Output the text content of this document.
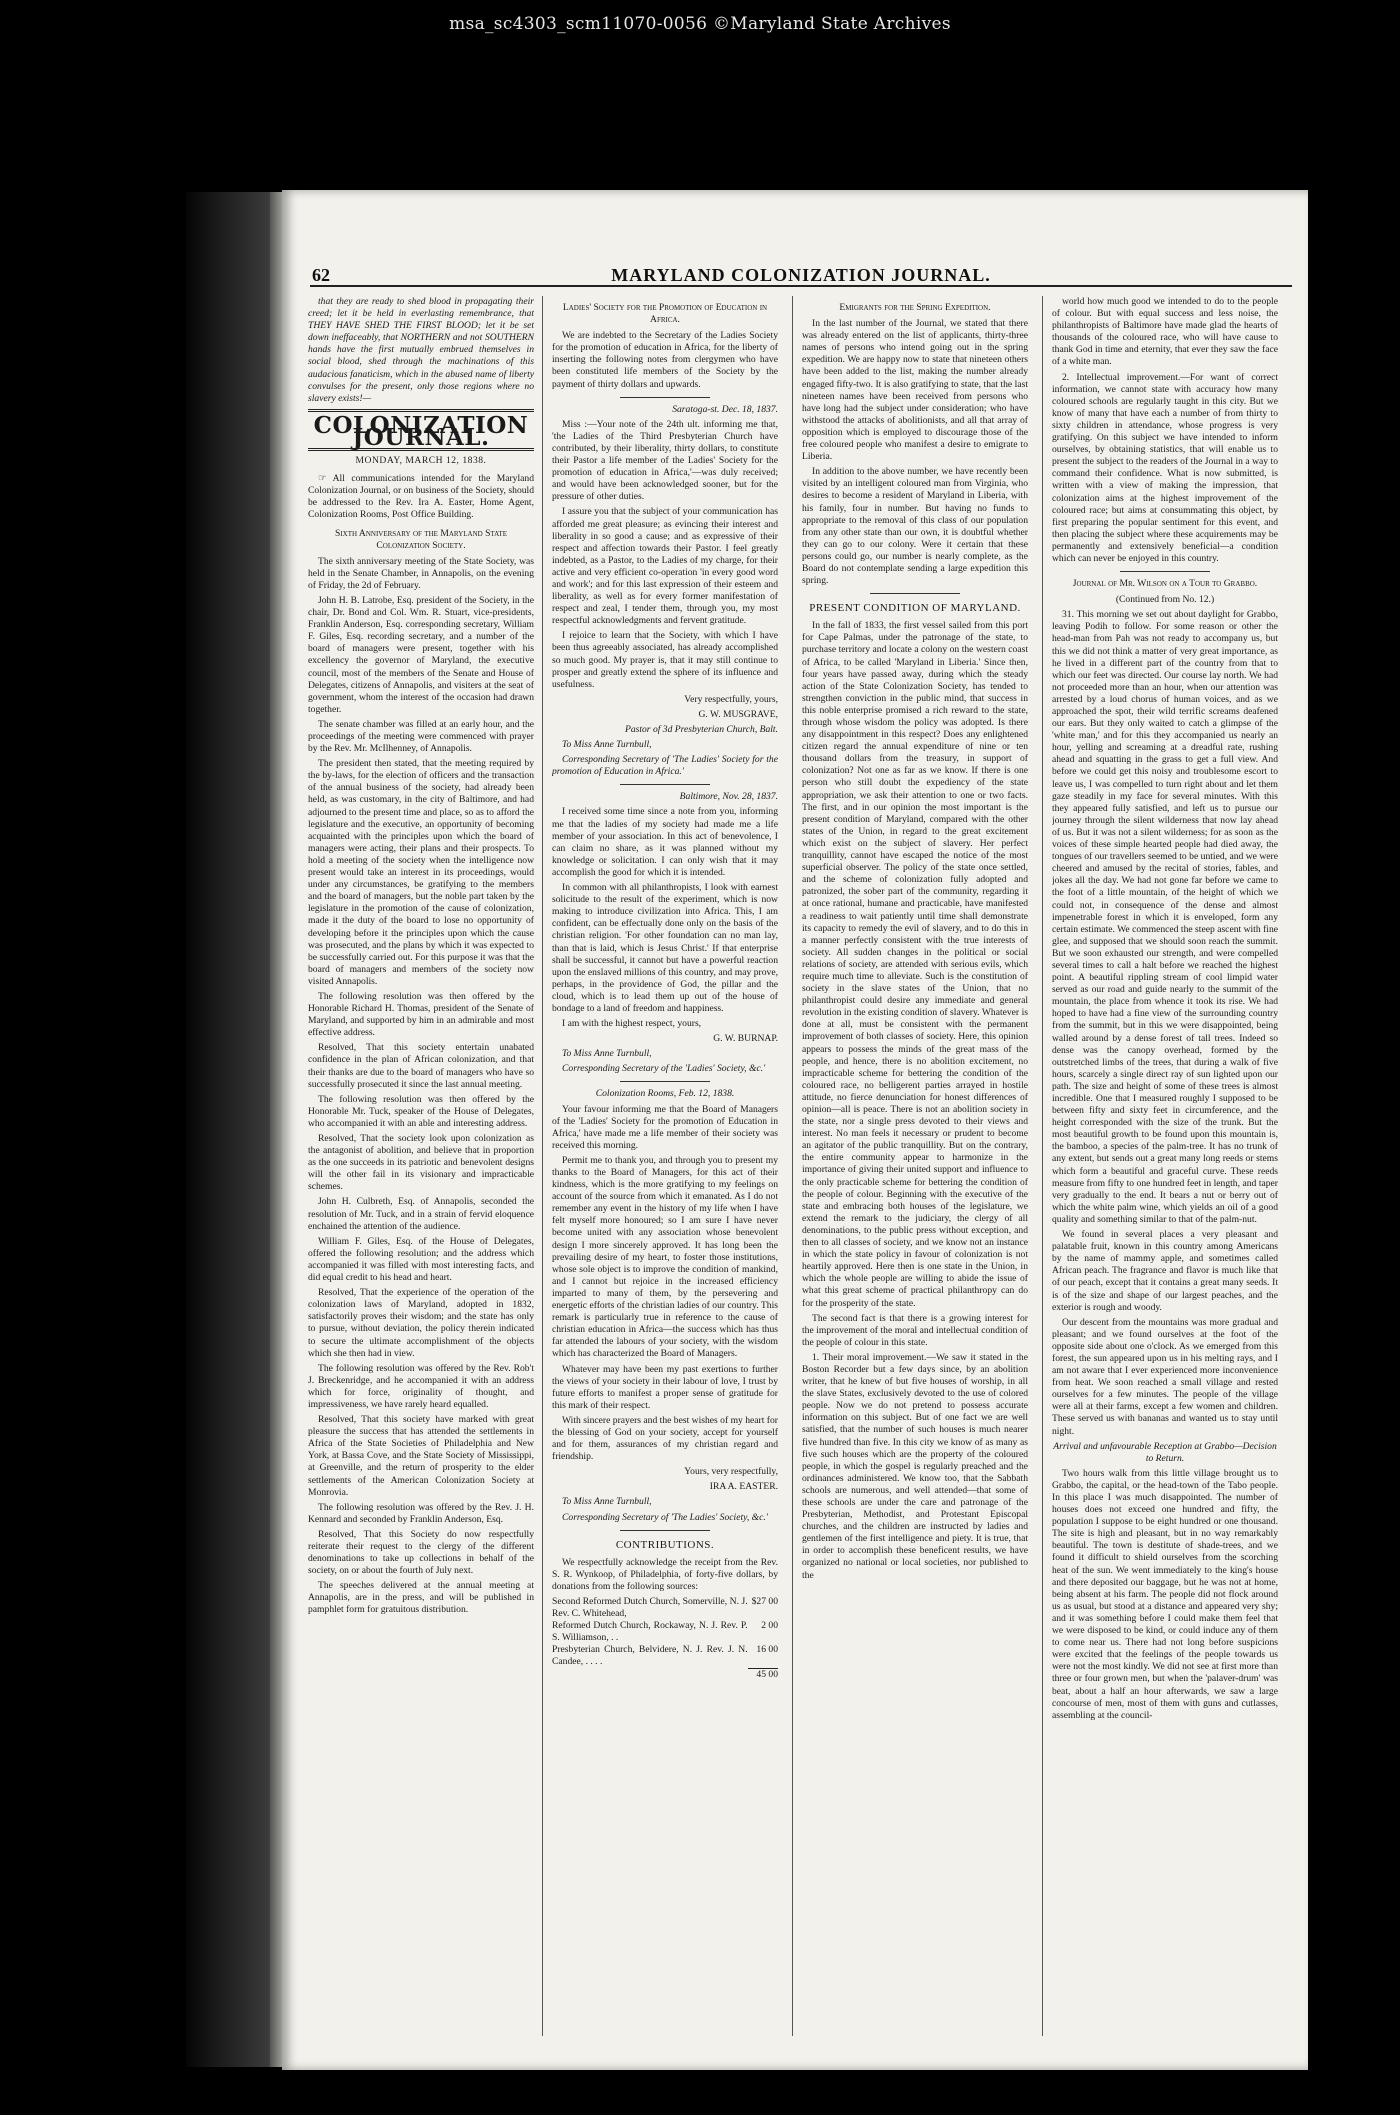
msa_sc4303_scm11070-0056 ©Maryland State Archives
62	MARYLAND COLONIZATION JOURNAL.

that they are ready to shed blood in propagating their creed; let it be held in everlasting remembrance, that THEY HAVE SHED THE FIRST BLOOD; let it be set down ineffaceably, that NORTHERN and not SOUTHERN hands have the first mutually embrued themselves in social blood, shed through the machinations of this audacious fanaticism, which in the abused name of liberty convulses for the present, only those regions where no slavery exists!—

COLONIZATION JOURNAL.
MONDAY, MARCH 12, 1838.

☞ All communications intended for the Maryland Colonization Journal, or on business of the Society, should be addressed to the Rev. Ira A. Easter, Home Agent, Colonization Rooms, Post Office Building.

Sixth Anniversary of the Maryland State Colonization Society.

The sixth anniversary meeting of the State Society, was held in the Senate Chamber, in Annapolis, on the evening of Friday, the 2d of February.

John H. B. Latrobe, Esq. president of the Society, in the chair, Dr. Bond and Col. Wm. R. Stuart, vice-presidents, Franklin Anderson, Esq. corresponding secretary, William F. Giles, Esq. recording secretary, and a number of the board of managers were present, together with his excellency the governor of Maryland, the executive council, most of the members of the Senate and House of Delegates, citizens of Annapolis, and visiters at the seat of government, whom the interest of the occasion had drawn together.

The senate chamber was filled at an early hour, and the proceedings of the meeting were commenced with prayer by the Rev. Mr. McIlhenney, of Annapolis.

The president then stated, that the meeting required by the by-laws, for the election of officers and the transaction of the annual business of the society, had already been held, as was customary, in the city of Baltimore, and had adjourned to the present time and place, so as to afford the legislature and the executive, an opportunity of becoming acquainted with the principles upon which the board of managers were acting, their plans and their prospects. To hold a meeting of the society when the intelligence now present would take an interest in its proceedings, would under any circumstances, be gratifying to the members and the board of managers, but the noble part taken by the legislature in the promotion of the cause of colonization, made it the duty of the board to lose no opportunity of developing before it the principles upon which the cause was prosecuted, and the plans by which it was expected to be successfully carried out. For this purpose it was that the board of managers and members of the society now visited Annapolis.

The following resolution was then offered by the Honorable Richard H. Thomas, president of the Senate of Maryland, and supported by him in an admirable and most effective address.

Resolved, That this society entertain unabated confidence in the plan of African colonization, and that their thanks are due to the board of managers who have so successfully prosecuted it since the last annual meeting.

The following resolution was then offered by the Honorable Mr. Tuck, speaker of the House of Delegates, who accompanied it with an able and interesting address.

Resolved, That the society look upon colonization as the antagonist of abolition, and believe that in proportion as the one succeeds in its patriotic and benevolent designs will the other fail in its visionary and impracticable schemes.

John H. Culbreth, Esq. of Annapolis, seconded the resolution of Mr. Tuck, and in a strain of fervid eloquence enchained the attention of the audience.

William F. Giles, Esq. of the House of Delegates, offered the following resolution; and the address which accompanied it was filled with most interesting facts, and did equal credit to his head and heart.

Resolved, That the experience of the operation of the colonization laws of Maryland, adopted in 1832, satisfactorily proves their wisdom; and the state has only to pursue, without deviation, the policy therein indicated to secure the ultimate accomplishment of the objects which she then had in view.

The following resolution was offered by the Rev. Rob't J. Breckenridge, and he accompanied it with an address which for force, originality of thought, and impressiveness, we have rarely heard equalled.

Resolved, That this society have marked with great pleasure the success that has attended the settlements in Africa of the State Societies of Philadelphia and New York, at Bassa Cove, and the State Society of Mississippi, at Greenville, and the return of prosperity to the elder settlements of the American Colonization Society at Monrovia.

The following resolution was offered by the Rev. J. H. Kennard and seconded by Franklin Anderson, Esq.

Resolved, That this Society do now respectfully reiterate their request to the clergy of the different denominations to take up collections in behalf of the society, on or about the fourth of July next.

The speeches delivered at the annual meeting at Annapolis, are in the press, and will be published in pamphlet form for gratuitous distribution.

Ladies' Society for the Promotion of Education in Africa.

We are indebted to the Secretary of the Ladies Society for the promotion of education in Africa, for the liberty of inserting the following notes from clergymen who have been constituted life members of the Society by the payment of thirty dollars and upwards.

Saratoga-st. Dec. 18, 1837.

Miss :—Your note of the 24th ult. informing me that, 'the Ladies of the Third Presbyterian Church have contributed, by their liberality, thirty dollars, to constitute their Pastor a life member of the Ladies' Society for the promotion of education in Africa,'—was duly received; and would have been acknowledged sooner, but for the pressure of other duties.

I assure you that the subject of your communication has afforded me great pleasure; as evincing their interest and liberality in so good a cause; and as expressive of their respect and affection towards their Pastor. I feel greatly indebted, as a Pastor, to the Ladies of my charge, for their active and very efficient co-operation 'in every good word and work'; and for this last expression of their esteem and liberality, as well as for every former manifestation of respect and zeal, I tender them, through you, my most respectful acknowledgments and fervent gratitude.

I rejoice to learn that the Society, with which I have been thus agreeably associated, has already accomplished so much good. My prayer is, that it may still continue to prosper and greatly extend the sphere of its influence and usefulness.

Very respectfully, yours,

G. W. MUSGRAVE,

Pastor of 3d Presbyterian Church, Balt.

To Miss Anne Turnbull,

Corresponding Secretary of 'The Ladies' Society for the promotion of Education in Africa.'

Baltimore, Nov. 28, 1837.

I received some time since a note from you, informing me that the ladies of my society had made me a life member of your association. In this act of benevolence, I can claim no share, as it was planned without my knowledge or solicitation. I can only wish that it may accomplish the good for which it is intended.

In common with all philanthropists, I look with earnest solicitude to the result of the experiment, which is now making to introduce civilization into Africa. This, I am confident, can be effectually done only on the basis of the christian religion. 'For other foundation can no man lay, than that is laid, which is Jesus Christ.' If that enterprise shall be successful, it cannot but have a powerful reaction upon the enslaved millions of this country, and may prove, perhaps, in the providence of God, the pillar and the cloud, which is to lead them up out of the house of bondage to a land of freedom and happiness.

I am with the highest respect, yours,

G. W. BURNAP.

To Miss Anne Turnbull,

Corresponding Secretary of the 'Ladies' Society, &c.'

Colonization Rooms, Feb. 12, 1838.

Your favour informing me that the Board of Managers of the 'Ladies' Society for the promotion of Education in Africa,' have made me a life member of their society was received this morning.

Permit me to thank you, and through you to present my thanks to the Board of Managers, for this act of their kindness, which is the more gratifying to my feelings on account of the source from which it emanated. As I do not remember any event in the history of my life when I have felt myself more honoured; so I am sure I have never become united with any association whose benevolent design I more sincerely approved. It has long been the prevailing desire of my heart, to foster those institutions, whose sole object is to improve the condition of mankind, and I cannot but rejoice in the increased efficiency imparted to many of them, by the persevering and energetic efforts of the christian ladies of our country. This remark is particularly true in reference to the cause of christian education in Africa—the success which has thus far attended the labours of your society, with the wisdom which has characterized the Board of Managers.

Whatever may have been my past exertions to further the views of your society in their labour of love, I trust by future efforts to manifest a proper sense of gratitude for this mark of their respect.

With sincere prayers and the best wishes of my heart for the blessing of God on your society, accept for yourself and for them, assurances of my christian regard and friendship.

Yours, very respectfully,

IRA A. EASTER.

To Miss Anne Turnbull,

Corresponding Secretary of 'The Ladies' Society, &c.'

CONTRIBUTIONS.

We respectfully acknowledge the receipt from the Rev. S. R. Wynkoop, of Philadelphia, of forty-five dollars, by donations from the following sources:

Second Reformed Dutch Church, Somerville, N. J. Rev. C. Whitehead,	$27 00
Reformed Dutch Church, Rockaway, N. J. Rev. P. S. Williamson, . .	2 00
Presbyterian Church, Belvidere, N. J. Rev. J. N. Candee, . . . .	16 00
	45 00
Emigrants for the Spring Expedition.

In the last number of the Journal, we stated that there was already entered on the list of applicants, thirty-three names of persons who intend going out in the spring expedition. We are happy now to state that nineteen others have been added to the list, making the number already engaged fifty-two. It is also gratifying to state, that the last nineteen names have been received from persons who have long had the subject under consideration; who have withstood the attacks of abolitionists, and all that array of opposition which is employed to discourage those of the free coloured people who manifest a desire to emigrate to Liberia.

In addition to the above number, we have recently been visited by an intelligent coloured man from Virginia, who desires to become a resident of Maryland in Liberia, with his family, four in number. But having no funds to appropriate to the removal of this class of our population from any other state than our own, it is doubtful whether they can go to our colony. Were it certain that these persons could go, our number is nearly complete, as the Board do not contemplate sending a large expedition this spring.

PRESENT CONDITION OF MARYLAND.

In the fall of 1833, the first vessel sailed from this port for Cape Palmas, under the patronage of the state, to purchase territory and locate a colony on the western coast of Africa, to be called 'Maryland in Liberia.' Since then, four years have passed away, during which the steady action of the State Colonization Society, has tended to strengthen conviction in the public mind, that success in this noble enterprise promised a rich reward to the state, through whose wisdom the policy was adopted. Is there any disappointment in this respect? Does any enlightened citizen regard the annual expenditure of nine or ten thousand dollars from the treasury, in support of colonization? Not one as far as we know. If there is one person who still doubt the expediency of the state appropriation, we ask their attention to one or two facts. The first, and in our opinion the most important is the present condition of Maryland, compared with the other states of the Union, in regard to the great excitement which exist on the subject of slavery. Her perfect tranquillity, cannot have escaped the notice of the most superficial observer. The policy of the state once settled, and the scheme of colonization fully adopted and patronized, the sober part of the community, regarding it at once rational, humane and practicable, have manifested a readiness to wait patiently until time shall demonstrate its capacity to remedy the evil of slavery, and to do this in a manner perfectly consistent with the true interests of society. All sudden changes in the political or social relations of society, are attended with serious evils, which require much time to alleviate. Such is the constitution of society in the slave states of the Union, that no philanthropist could desire any immediate and general revolution in the existing condition of slavery. Whatever is done at all, must be consistent with the permanent improvement of both classes of society. Here, this opinion appears to possess the minds of the great mass of the people, and hence, there is no abolition excitement, no impracticable scheme for bettering the condition of the coloured race, no belligerent parties arrayed in hostile attitude, no fierce denunciation for honest differences of opinion—all is peace. There is not an abolition society in the state, nor a single press devoted to their views and interest. No man feels it necessary or prudent to become an agitator of the public tranquillity. But on the contrary, the entire community appear to harmonize in the importance of giving their united support and influence to the only practicable scheme for bettering the condition of the people of colour. Beginning with the executive of the state and embracing both houses of the legislature, we extend the remark to the judiciary, the clergy of all denominations, to the public press without exception, and then to all classes of society, and we know not an instance in which the state policy in favour of colonization is not heartily approved. Here then is one state in the Union, in which the whole people are willing to abide the issue of what this great scheme of practical philanthropy can do for the prosperity of the state.

The second fact is that there is a growing interest for the improvement of the moral and intellectual condition of the people of colour in this state.

1. Their moral improvement.—We saw it stated in the Boston Recorder but a few days since, by an abolition writer, that he knew of but five houses of worship, in all the slave States, exclusively devoted to the use of colored people. Now we do not pretend to possess accurate information on this subject. But of one fact we are well satisfied, that the number of such houses is much nearer five hundred than five. In this city we know of as many as five such houses which are the property of the coloured people, in which the gospel is regularly preached and the ordinances administered. We know too, that the Sabbath schools are numerous, and well attended—that some of these schools are under the care and patronage of the Presbyterian, Methodist, and Protestant Episcopal churches, and the children are instructed by ladies and gentlemen of the first intelligence and piety. It is true, that in order to accomplish these beneficent results, we have organized no national or local societies, nor published to the

world how much good we intended to do to the people of colour. But with equal success and less noise, the philanthropists of Baltimore have made glad the hearts of thousands of the coloured race, who will have cause to thank God in time and eternity, that ever they saw the face of a white man.

2. Intellectual improvement.—For want of correct information, we cannot state with accuracy how many coloured schools are regularly taught in this city. But we know of many that have each a number of from thirty to sixty children in attendance, whose progress is very gratifying. On this subject we have intended to inform ourselves, by obtaining statistics, that will enable us to present the subject to the readers of the Journal in a way to command their confidence. What is now submitted, is written with a view of making the impression, that colonization aims at the highest improvement of the coloured race; but aims at consummating this object, by first preparing the popular sentiment for this event, and then placing the subject where these acquirements may be permanently and extensively beneficial—a condition which can never be enjoyed in this country.

Journal of Mr. Wilson on a Tour to Grabbo.

(Continued from No. 12.)

31. This morning we set out about daylight for Grabbo, leaving Podih to follow. For some reason or other the head-man from Pah was not ready to accompany us, but this we did not think a matter of very great importance, as he lived in a different part of the country from that to which our feet was directed. Our course lay north. We had not proceeded more than an hour, when our attention was arrested by a loud chorus of human voices, and as we approached the spot, their wild terrific screams deafened our ears. But they only waited to catch a glimpse of the 'white man,' and for this they accompanied us nearly an hour, yelling and screaming at a dreadful rate, rushing ahead and squatting in the grass to get a full view. And before we could get this noisy and troublesome escort to leave us, I was compelled to turn right about and let them gaze steadily in my face for several minutes. With this they appeared fully satisfied, and left us to pursue our journey through the silent wilderness that now lay ahead of us. But it was not a silent wilderness; for as soon as the voices of these simple hearted people had died away, the tongues of our travellers seemed to be untied, and we were cheered and amused by the recital of stories, fables, and jokes all the day. We had not gone far before we came to the foot of a little mountain, of the height of which we could not, in consequence of the dense and almost impenetrable forest in which it is enveloped, form any certain estimate. We commenced the steep ascent with fine glee, and supposed that we should soon reach the summit. But we soon exhausted our strength, and were compelled several times to call a halt before we reached the highest point. A beautiful rippling stream of cool limpid water served as our road and guide nearly to the summit of the mountain, the place from whence it took its rise. We had hoped to have had a fine view of the surrounding country from the summit, but in this we were disappointed, being walled around by a dense forest of tall trees. Indeed so dense was the canopy overhead, formed by the outstretched limbs of the trees, that during a walk of five hours, scarcely a single direct ray of sun lighted upon our path. The size and height of some of these trees is almost incredible. One that I measured roughly I supposed to be between fifty and sixty feet in circumference, and the height corresponded with the size of the trunk. But the most beautiful growth to be found upon this mountain is, the bamboo, a species of the palm-tree. It has no trunk of any extent, but sends out a great many long reeds or stems which form a beautiful and graceful curve. These reeds measure from fifty to one hundred feet in length, and taper very gradually to the end. It bears a nut or berry out of which the white palm wine, which yields an oil of a good quality and something similar to that of the palm-nut.

We found in several places a very pleasant and palatable fruit, known in this country among Americans by the name of mammy apple, and sometimes called African peach. The fragrance and flavor is much like that of our peach, except that it contains a great many seeds. It is of the size and shape of our largest peaches, and the exterior is rough and woody.

Our descent from the mountains was more gradual and pleasant; and we found ourselves at the foot of the opposite side about one o'clock. As we emerged from this forest, the sun appeared upon us in his melting rays, and I am not aware that I ever experienced more inconvenience from heat. We soon reached a small village and rested ourselves for a few minutes. The people of the village were all at their farms, except a few women and children. These served us with bananas and wanted us to stay until night.

Arrival and unfavourable Reception at Grabbo—Decision to Return.

Two hours walk from this little village brought us to Grabbo, the capital, or the head-town of the Tabo people. In this place I was much disappointed. The number of houses does not exceed one hundred and fifty, the population I suppose to be eight hundred or one thousand. The site is high and pleasant, but in no way remarkably beautiful. The town is destitute of shade-trees, and we found it difficult to shield ourselves from the scorching heat of the sun. We went immediately to the king's house and there deposited our baggage, but he was not at home, being absent at his farm. The people did not flock around us as usual, but stood at a distance and appeared very shy; and it was something before I could make them feel that we were disposed to be kind, or could induce any of them to come near us. There had not long before suspicions were excited that the feelings of the people towards us were not the most kindly. We did not see at first more than three or four grown men, but when the 'palaver-drum' was beat, about a half an hour afterwards, we saw a large concourse of men, most of them with guns and cutlasses, assembling at the council-
